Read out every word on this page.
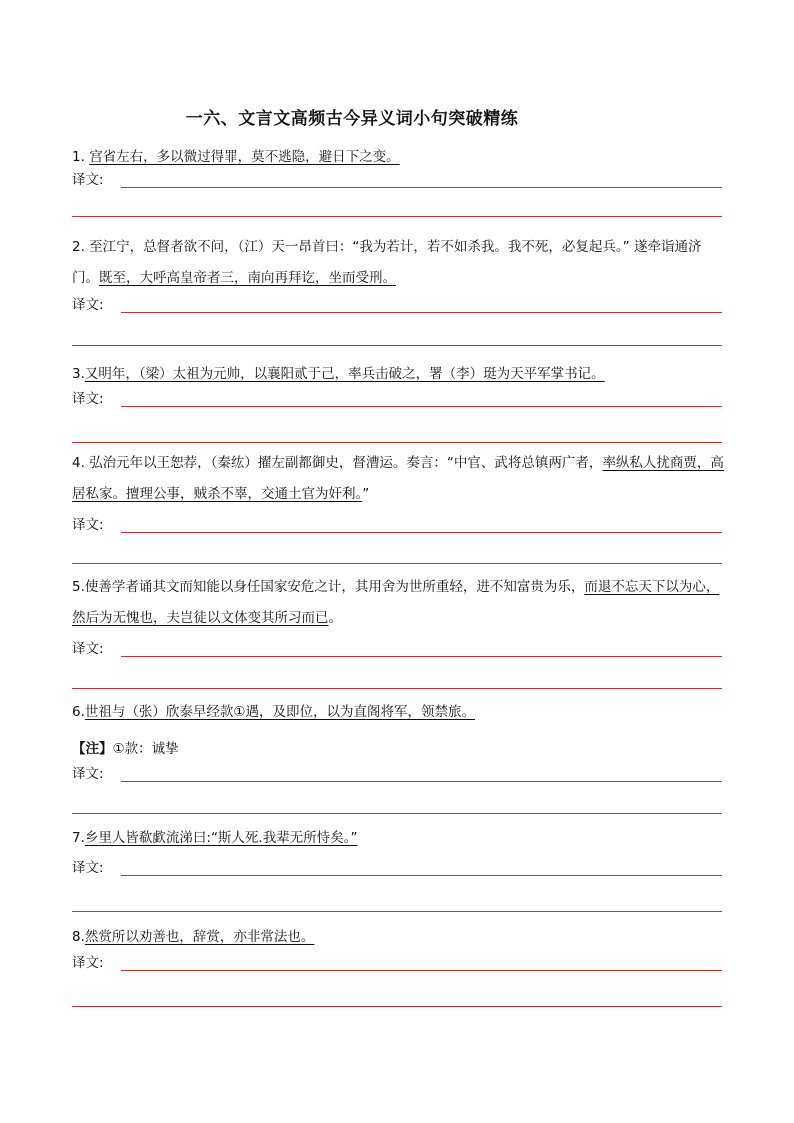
一六、文言文高频古今异义词小句突破精练
1. 宫省左右，多以微过得罪，莫不逃隐，避日下之变。
译文:
2. 至江宁，总督者欲不问，（江）天一昂首曰：“我为若计，若不如杀我。我不死，必复起兵。” 遂牵诣通济门。既至，大呼高皇帝者三，南向再拜讫，坐而受刑。
译文:
3.又明年，（梁）太祖为元帅，以襄阳贰于己，率兵击破之，署（李）珽为天平军掌书记。
译文:
4. 弘治元年以王恕荐，（秦纮）擢左副都御史，督漕运。奏言：“中官、武将总镇两广者，率纵私人扰商贾，高居私家。擅理公事，贼杀不辜，交通土官为奸利。”
译文:
5.使善学者诵其文而知能以身任国家安危之计，其用舍为世所重轻，进不知富贵为乐，而退不忘天下以为心，然后为无愧也，夫岂徒以文体变其所习而已。
译文:
6.世祖与（张）欣泰早经款①遇，及即位，以为直阁将军，领禁旅。
【注】①款：诚挚
译文:
7.乡里人皆欷歔流涕曰:“斯人死.我辈无所恃矣。”
译文:
8.然赏所以劝善也，辞赏，亦非常法也。
译文:
